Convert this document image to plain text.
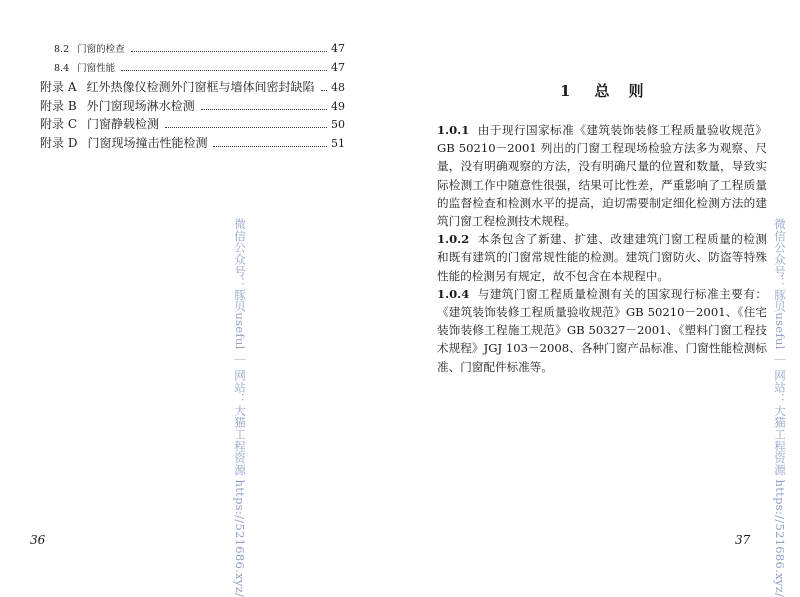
8.2 门窗的检查	47
8.4 门窗性能	47
附录 A 红外热像仪检测外门窗框与墙体间密封缺陷 48
附录 B 外门窗现场淋水检测	49
附录 C 门窗静载检测	50
附录 D 门窗现场撞击性能检测	51
36
1 总　则

1.0.1 由于现行国家标准《建筑装饰装修工程质量验收规范》GB 50210－2001 列出的门窗工程现场检验方法多为观察、尺量，没有明确观察的方法，没有明确尺量的位置和数量，导致实际检测工作中随意性很强，结果可比性差，严重影响了工程质量的监督检查和检测水平的提高，迫切需要制定细化检测方法的建筑门窗工程检测技术规程。

1.0.2 本条包含了新建、扩建、改建建筑门窗工程质量的检测和既有建筑的门窗常规性能的检测。建筑门窗防火、防盗等特殊性能的检测另有规定，故不包含在本规程中。

1.0.4 与建筑门窗工程质量检测有关的国家现行标准主要有：《建筑装饰装修工程质量验收规范》GB 50210－2001、《住宅装饰装修工程施工规范》GB 50327－2001、《塑料门窗工程技术规程》JGJ 103－2008、各种门窗产品标准、门窗性能检测标准、门窗配件标准等。

37
微信公众号：豚贝useful ｜ 网站：大猫工程资源 https://521686.xyz/	微信公众号：豚贝useful ｜ 网站：大猫工程资源 https://521686.xyz/
